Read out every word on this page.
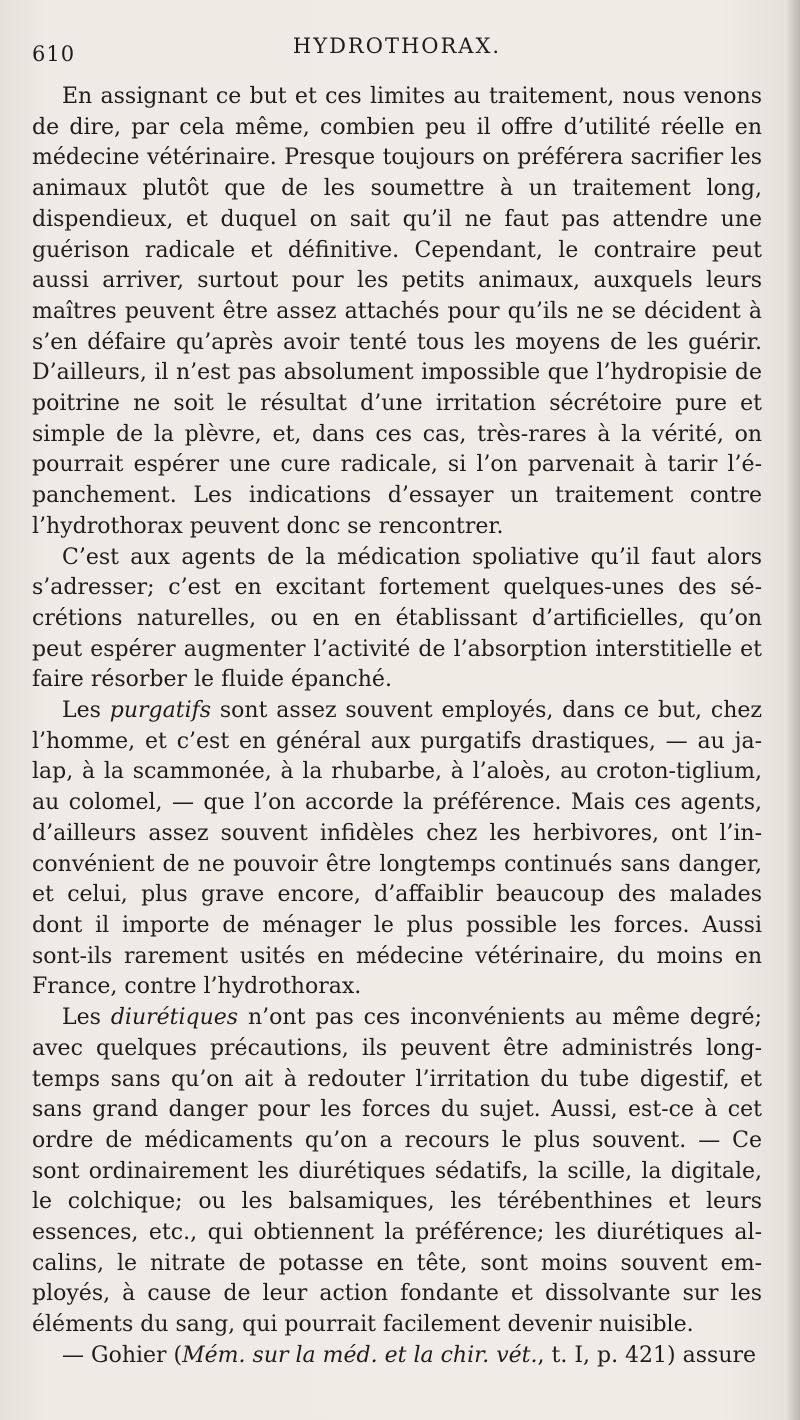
610	HYDROTHORAX.

En assignant ce but et ces limites au traitement, nous venons de dire, par cela même, combien peu il offre d’utilité réelle en médecine vétérinaire. Presque toujours on préférera sacrifier les animaux plutôt que de les soumettre à un traitement long, dispendieux, et duquel on sait qu’il ne faut pas attendre une guérison radicale et définitive. Cependant, le contraire peut aussi arriver, surtout pour les petits animaux, auxquels leurs maîtres peuvent être assez attachés pour qu’ils ne se décident à s’en défaire qu’après avoir tenté tous les moyens de les guérir. D’ailleurs, il n’est pas absolument impossible que l’hydropisie de poitrine ne soit le résultat d’une irritation sécrétoire pure et simple de la plèvre, et, dans ces cas, très-rares à la vérité, on pourrait espérer une cure radicale, si l’on parvenait à tarir l’épanchement. Les indications d’essayer un traitement contre l’hydrothorax peuvent donc se rencontrer.

C’est aux agents de la médication spoliative qu’il faut alors s’adresser; c’est en excitant fortement quelques-unes des sécrétions naturelles, ou en en établissant d’artificielles, qu’on peut espérer augmenter l’activité de l’absorption interstitielle et faire résorber le fluide épanché.

Les purgatifs sont assez souvent employés, dans ce but, chez l’homme, et c’est en général aux purgatifs drastiques, — au jalap, à la scammonée, à la rhubarbe, à l’aloès, au croton-tiglium, au colomel, — que l’on accorde la préférence. Mais ces agents, d’ailleurs assez souvent infidèles chez les herbivores, ont l’inconvénient de ne pouvoir être longtemps continués sans danger, et celui, plus grave encore, d’affaiblir beaucoup des malades dont il importe de ménager le plus possible les forces. Aussi sont-ils rarement usités en médecine vétérinaire, du moins en France, contre l’hydrothorax.

Les diurétiques n’ont pas ces inconvénients au même degré; avec quelques précautions, ils peuvent être administrés longtemps sans qu’on ait à redouter l’irritation du tube digestif, et sans grand danger pour les forces du sujet. Aussi, est-ce à cet ordre de médicaments qu’on a recours le plus souvent. — Ce sont ordinairement les diurétiques sédatifs, la scille, la digitale, le colchique; ou les balsamiques, les térébenthines et leurs essences, etc., qui obtiennent la préférence; les diurétiques alcalins, le nitrate de potasse en tête, sont moins souvent employés, à cause de leur action fondante et dissolvante sur les éléments du sang, qui pourrait facilement devenir nuisible.

— Gohier (Mém. sur la méd. et la chir. vét., t. I, p. 421) assure
